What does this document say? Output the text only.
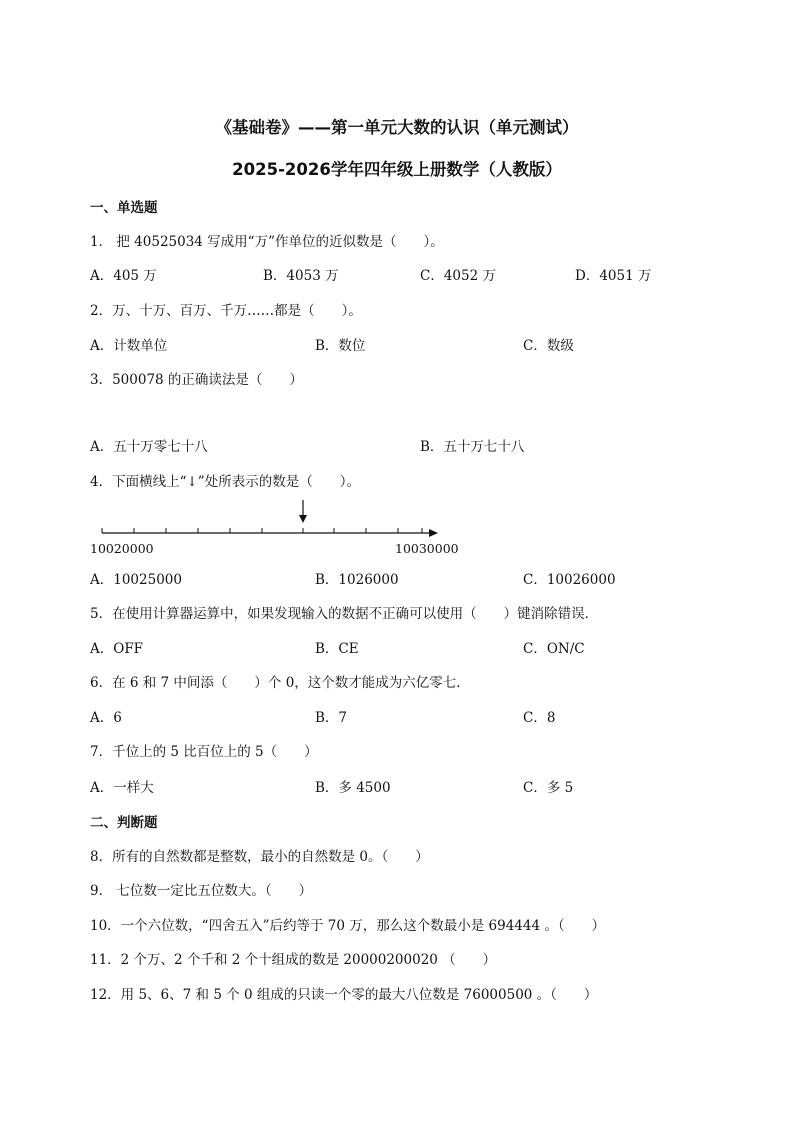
《基础卷》——第一单元大数的认识（单元测试）
2025-2026学年四年级上册数学（人教版）
一、单选题
1． 把 40525034 写成用“万”作单位的近似数是（　　）。
A．405 万	B．4053 万	C．4052 万	D．4051 万
2．万、十万、百万、千万……都是（　　）。
A．计数单位	B．数位	C．数级
3．500078 的正确读法是（　　）
A．五十万零七十八	B．五十万七十八
4．下面横线上“↓”处所表示的数是（　　）。
10020000	10030000
A．10025000	B．1026000	C．10026000
5．在使用计算器运算中，如果发现输入的数据不正确可以使用（　　）键消除错误．
A．OFF	B．CE	C．ON/C
6．在 6 和 7 中间添（　　）个 0，这个数才能成为六亿零七．
A．6	B．7	C．8
7．千位上的 5 比百位上的 5（　　）
A．一样大	B．多 4500	C．多 5
二、判断题
8．所有的自然数都是整数，最小的自然数是 0。（　　）
9． 七位数一定比五位数大。（　　）
10．一个六位数，“四舍五入”后约等于 70 万，那么这个数最小是 694444 。（　　）
11．2 个万、2 个千和 2 个十组成的数是 20000200020 （　　）
12．用 5、6、7 和 5 个 0 组成的只读一个零的最大八位数是 76000500 。（　　）
